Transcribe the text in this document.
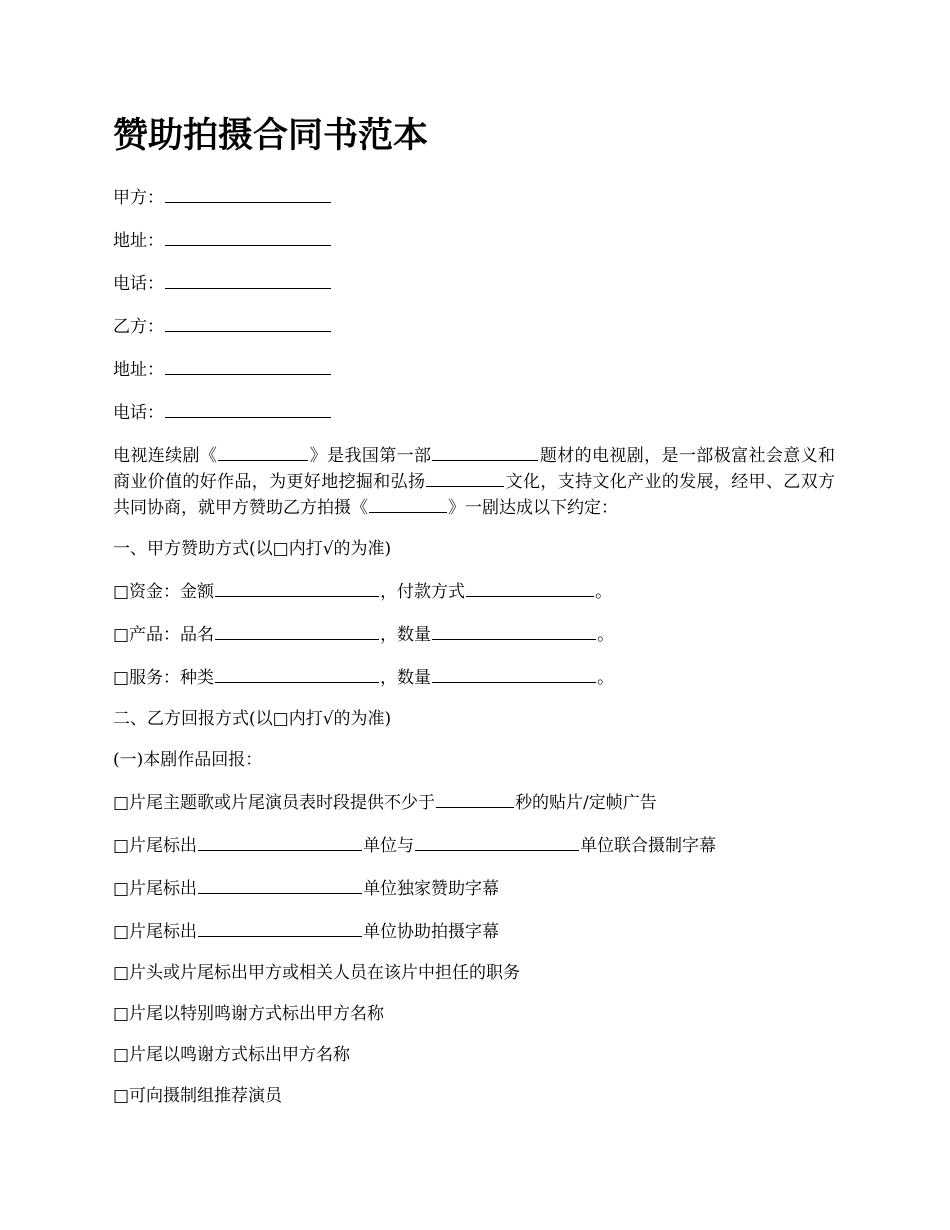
赞助拍摄合同书范本
甲方：
地址：
电话：
乙方：
地址：
电话：
电视连续剧《	》是我国第一部	题材的电视剧，是一部极富社会意义和商业价值的好作品，为更好地挖掘和弘扬	文化，支持文化产业的发展，经甲、乙双方共同协商，就甲方赞助乙方拍摄《	》一剧达成以下约定：
一、甲方赞助方式(以□内打√的为准)
□资金：金额	，付款方式	。
□产品：品名	，数量	。
□服务：种类	，数量	。
二、乙方回报方式(以□内打√的为准)
(一)本剧作品回报：
□片尾主题歌或片尾演员表时段提供不少于	秒的贴片/定帧广告
□片尾标出	单位与	单位联合摄制字幕
□片尾标出	单位独家赞助字幕
□片尾标出	单位协助拍摄字幕
□片头或片尾标出甲方或相关人员在该片中担任的职务
□片尾以特别鸣谢方式标出甲方名称
□片尾以鸣谢方式标出甲方名称
□可向摄制组推荐演员
